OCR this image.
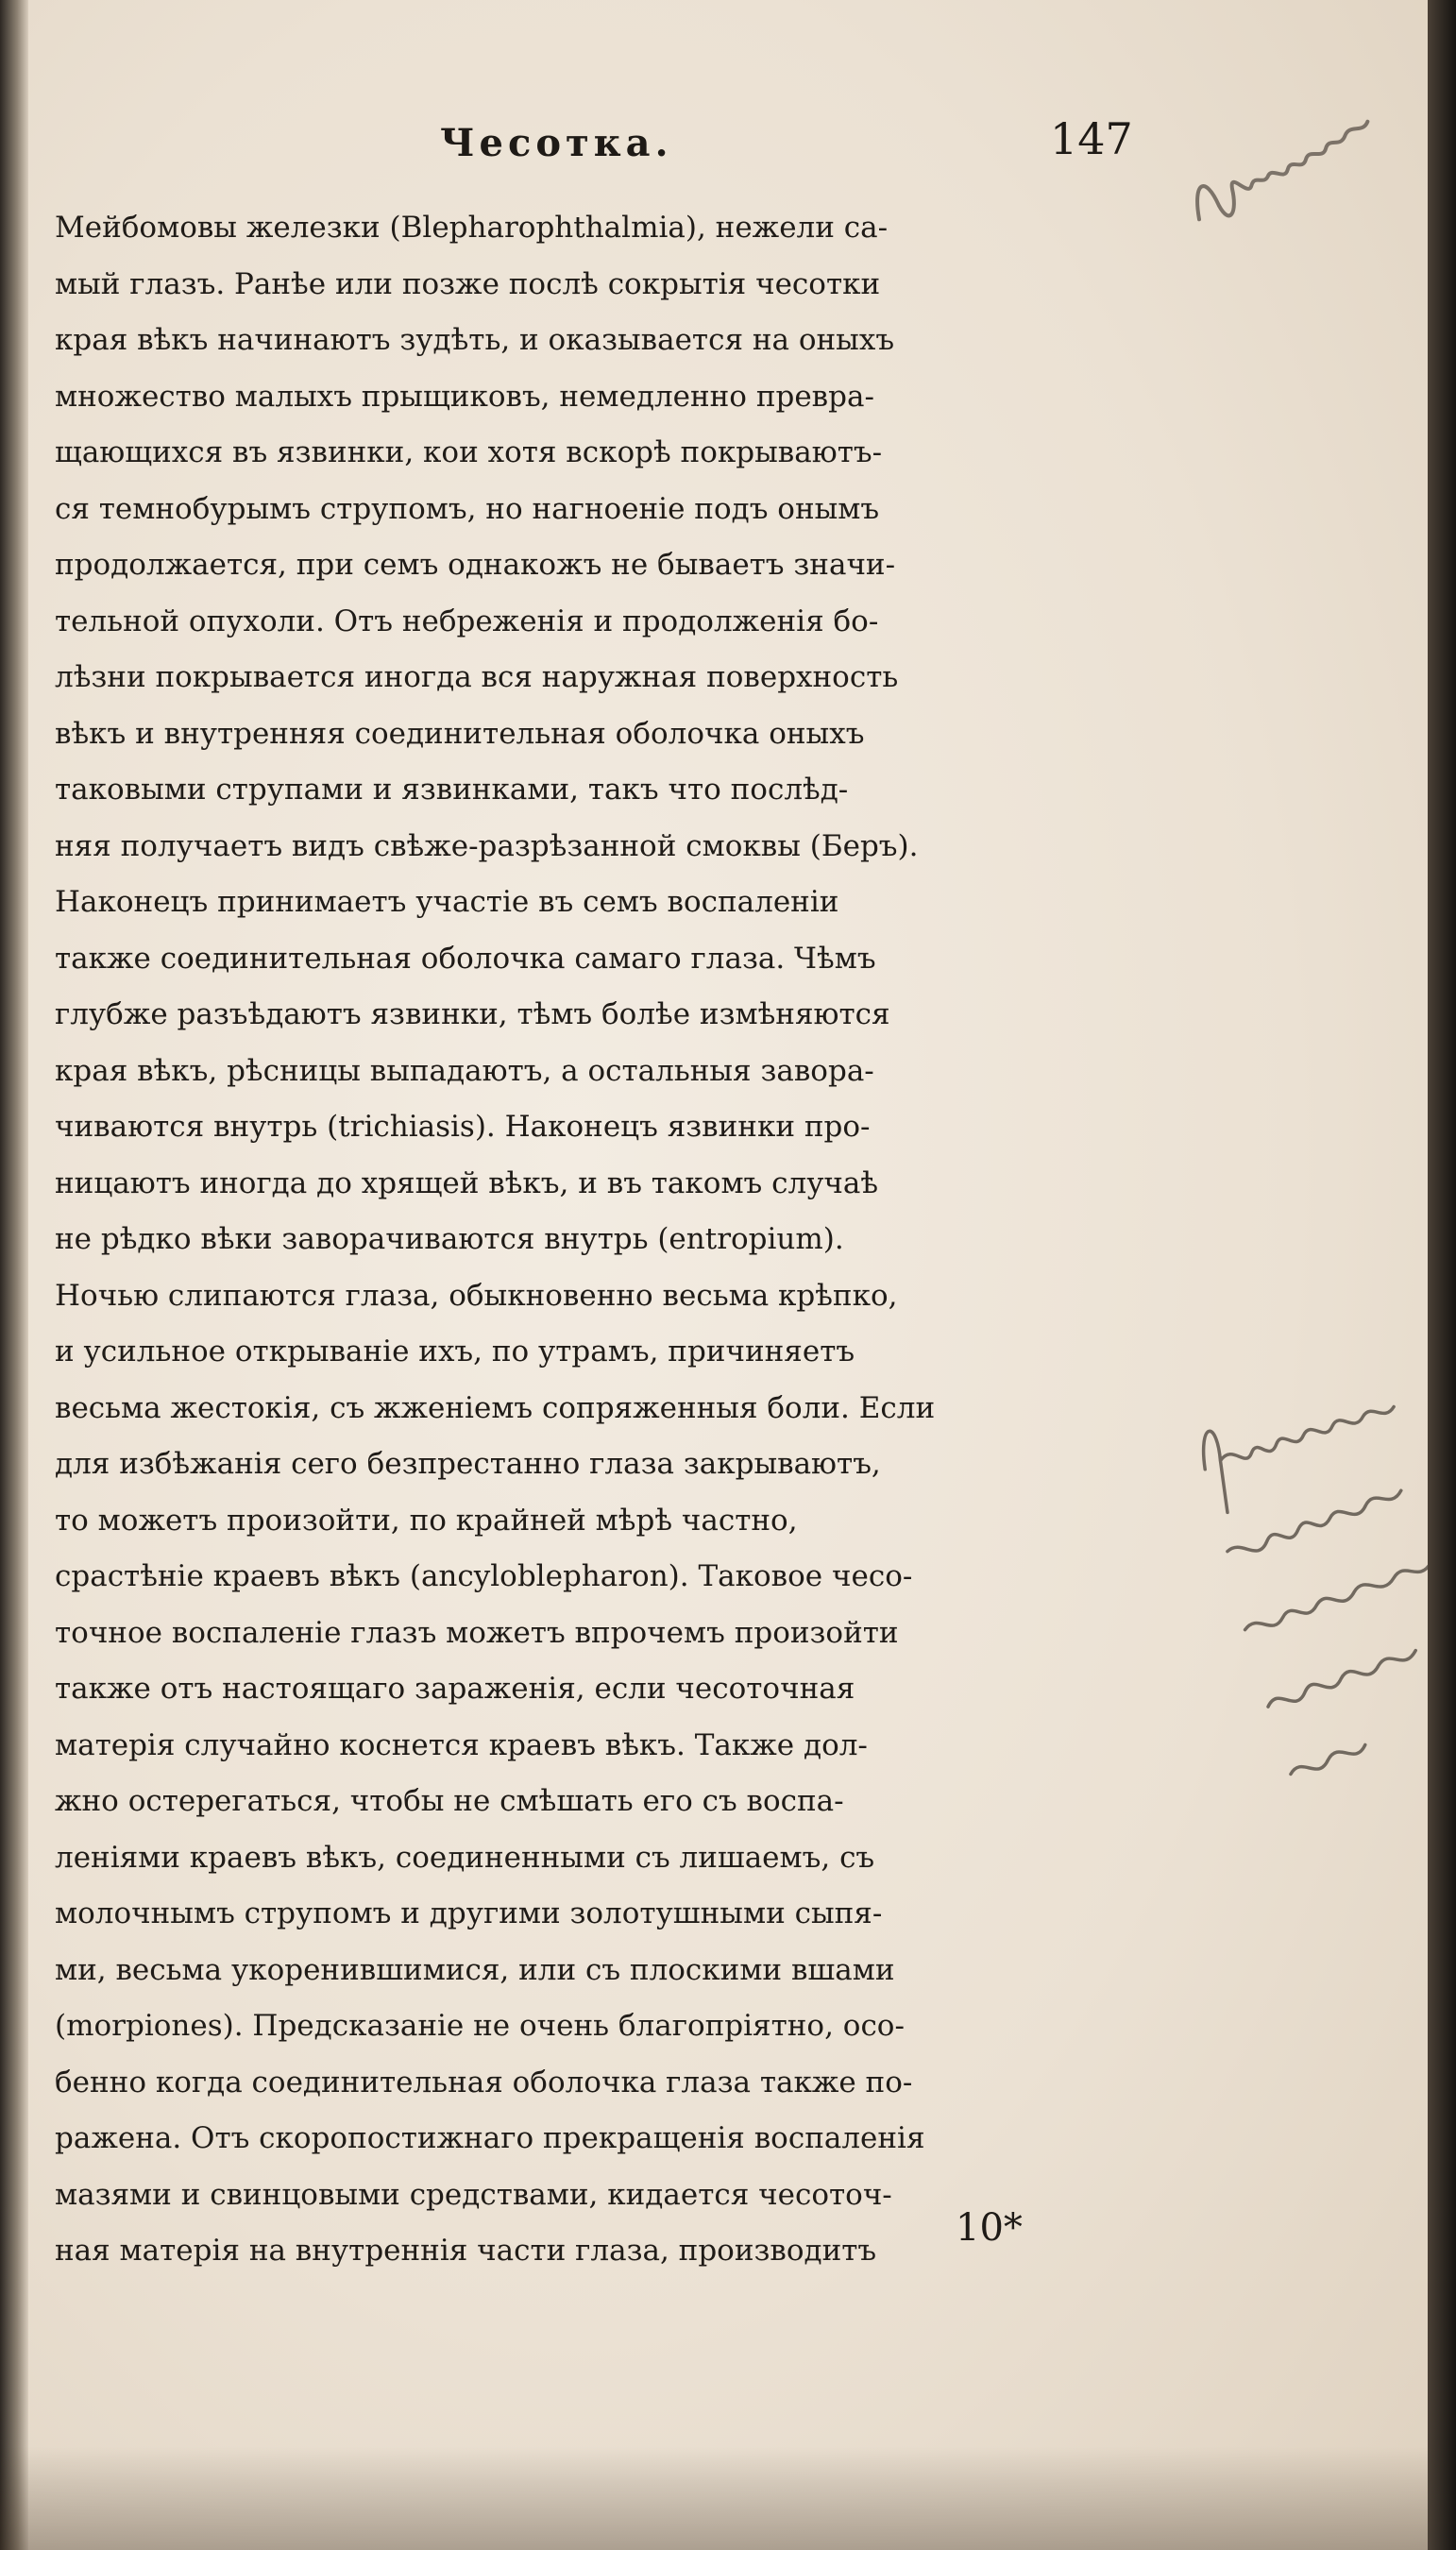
Чесотка.	147
Мейбомовы железки (Blepharophthalmia), нежели са-
мый глазъ. Ранѣе или позже послѣ сокрытія чесотки
края вѣкъ начинаютъ зудѣть, и оказывается на оныхъ
множество малыхъ прыщиковъ, немедленно превра-
щающихся въ язвинки, кои хотя вскорѣ покрываютъ-
ся темнобурымъ струпомъ, но нагноеніе подъ онымъ
продолжается, при семъ однакожъ не бываетъ значи-
тельной опухоли. Отъ небреженія и продолженія бо-
лѣзни покрывается иногда вся наружная поверхность
вѣкъ и внутренняя соединительная оболочка оныхъ
таковыми струпами и язвинками, такъ что послѣд-
няя получаетъ видъ свѣже-разрѣзанной смоквы (Беръ).
Наконецъ принимаетъ участіе въ семъ воспаленіи
также соединительная оболочка самаго глаза. Чѣмъ
глубже разъѣдаютъ язвинки, тѣмъ болѣе измѣняются
края вѣкъ, рѣсницы выпадаютъ, а остальныя завора-
чиваются внутрь (trichiasis). Наконецъ язвинки про-
ницаютъ иногда до хрящей вѣкъ, и въ такомъ случаѣ
не рѣдко вѣки заворачиваются внутрь (entropium).
Ночью слипаются глаза, обыкновенно весьма крѣпко,
и усильное открываніе ихъ, по утрамъ, причиняетъ
весьма жестокія, съ жженіемъ сопряженныя боли. Если
для избѣжанія сего безпрестанно глаза закрываютъ,
то можетъ произойти, по крайней мѣрѣ частно,
срастѣніе краевъ вѣкъ (ancyloblepharon). Таковое чесо-
точное воспаленіе глазъ можетъ впрочемъ произойти
также отъ настоящаго зараженія, если чесоточная
матерія случайно коснется краевъ вѣкъ. Также дол-
жно остерегаться, чтобы не смѣшать его съ воспа-
леніями краевъ вѣкъ, соединенными съ лишаемъ, съ
молочнымъ струпомъ и другими золотушными сыпя-
ми, весьма укоренившимися, или съ плоскими вшами
(morpiones). Предсказаніе не очень благопріятно, осо-
бенно когда соединительная оболочка глаза также по-
ражена. Отъ скоропостижнаго прекращенія воспаленія
мазями и свинцовыми средствами, кидается чесоточ-
ная матерія на внутреннія части глаза, производитъ
10*
